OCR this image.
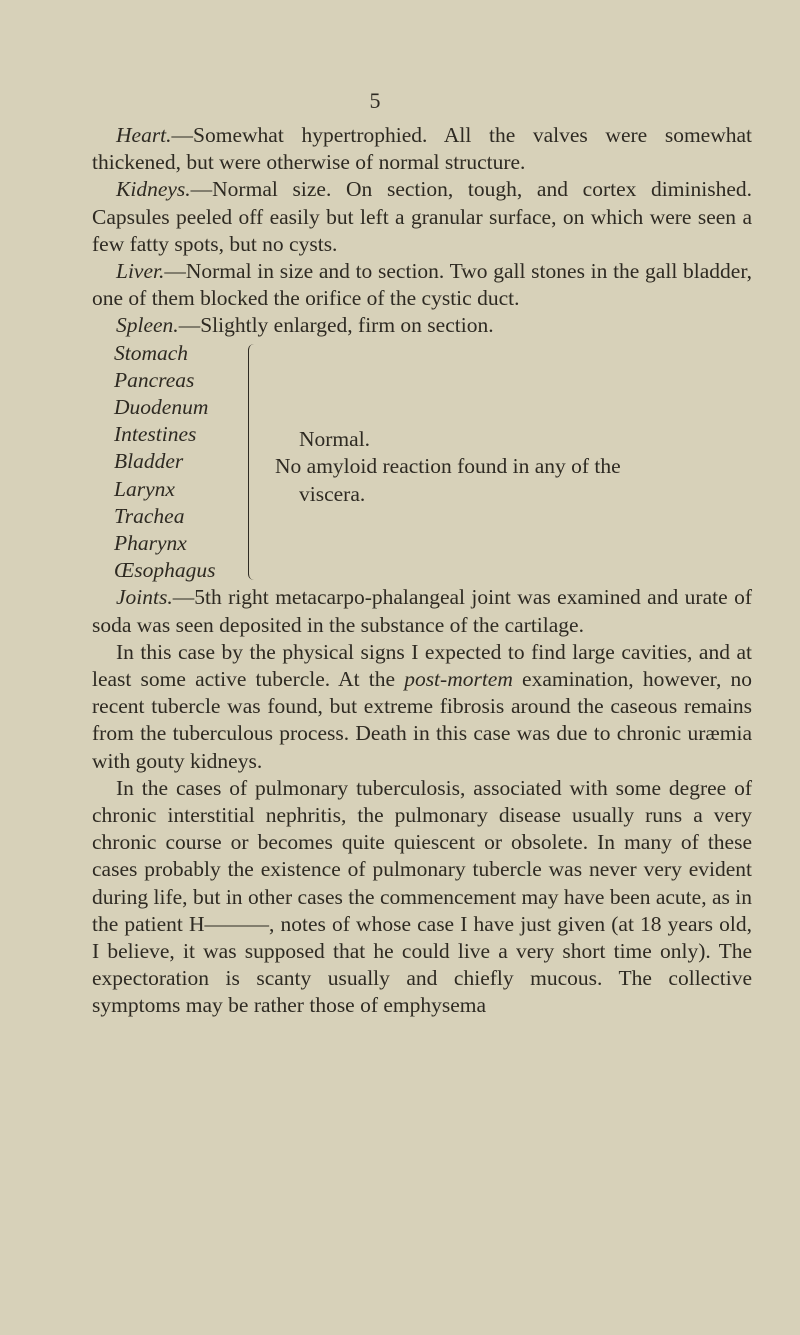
5

Heart.—Somewhat hypertrophied. All the valves were somewhat thickened, but were otherwise of normal structure.

Kidneys.—Normal size. On section, tough, and cortex diminished. Capsules peeled off easily but left a granular surface, on which were seen a few fatty spots, but no cysts.

Liver.—Normal in size and to section. Two gall stones in the gall bladder, one of them blocked the orifice of the cystic duct.

Spleen.—Slightly enlarged, firm on section.

Stomach
Pancreas
Duodenum
Intestines
Bladder
Larynx
Trachea
Pharynx
Œsophagus
Normal.
No amyloid reaction found in any of the
viscera.

Joints.—5th right metacarpo-phalangeal joint was examined and urate of soda was seen deposited in the substance of the cartilage.

In this case by the physical signs I expected to find large cavities, and at least some active tubercle. At the post-mortem examination, however, no recent tubercle was found, but extreme fibrosis around the caseous remains from the tuberculous process. Death in this case was due to chronic uræmia with gouty kidneys.

In the cases of pulmonary tuberculosis, associated with some degree of chronic interstitial nephritis, the pulmonary disease usually runs a very chronic course or becomes quite quiescent or obsolete. In many of these cases probably the existence of pulmonary tubercle was never very evident during life, but in other cases the commencement may have been acute, as in the patient H———, notes of whose case I have just given (at 18 years old, I believe, it was supposed that he could live a very short time only). The expectoration is scanty usually and chiefly mucous. The collective symptoms may be rather those of emphysema
